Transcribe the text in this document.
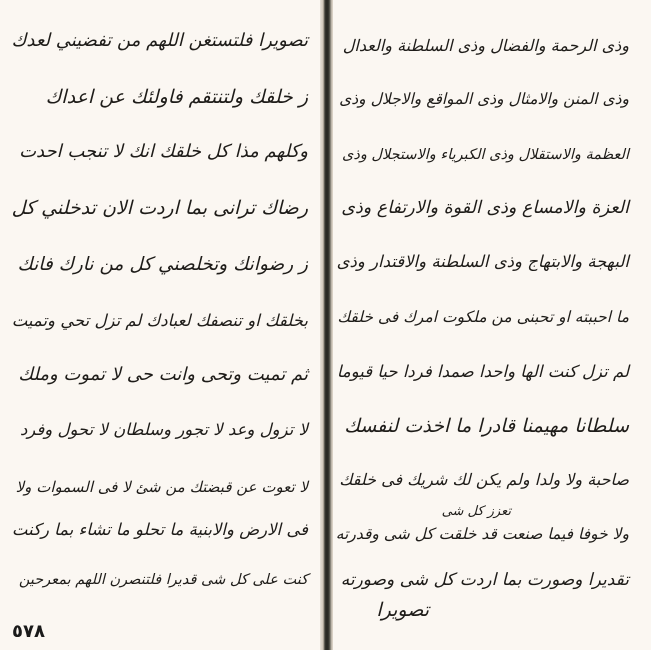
تصويرا فلتستغن اللهم من تفضيني لعدك
ز خلقك ولتنتقم فاولئك عن اعداك
وكلهم مذا كل خلقك انك لا تنجب احدت
رضاك ترانى بما اردت الان تدخلني كل
ز رضوانك وتخلصني كل من نارك فانك
بخلقك او تنصفك لعبادك لم تزل تحي وتميت
ثم تميت وتحى وانت حى لا تموت وملك
لا تزول وعد لا تجور وسلطان لا تحول وفرد
لا تعوت عن قبضتك من شئ لا فى السموات ولا
فى الارض والابنية ما تحلو ما تشاء بما ركنت
كنت على كل شى قديرا فلتنصرن اللهم بمعرحين
٥٧٨
وذى الرحمة والفضال وذى السلطنة والعدال
وذى المنن والامثال وذى المواقع والاجلال وذى
العظمة والاستقلال وذى الكبرياء والاستجلال وذى
العزة والامساع وذى القوة والارتفاع وذى
البهجة والابتهاج وذى السلطنة والاقتدار وذى
ما احببته او تحبنى من ملكوت امرك فى خلقك
لم تزل كنت الها واحدا صمدا فردا حيا قيوما
سلطانا مهيمنا قادرا ما اخذت لنفسك
صاحبة ولا ولدا ولم يكن لك شريك فى خلقك
تعزز كل شى
ولا خوفا فيما صنعت قد خلقت كل شى وقدرته
تقديرا وصورت بما اردت كل شى وصورته
تصويرا
